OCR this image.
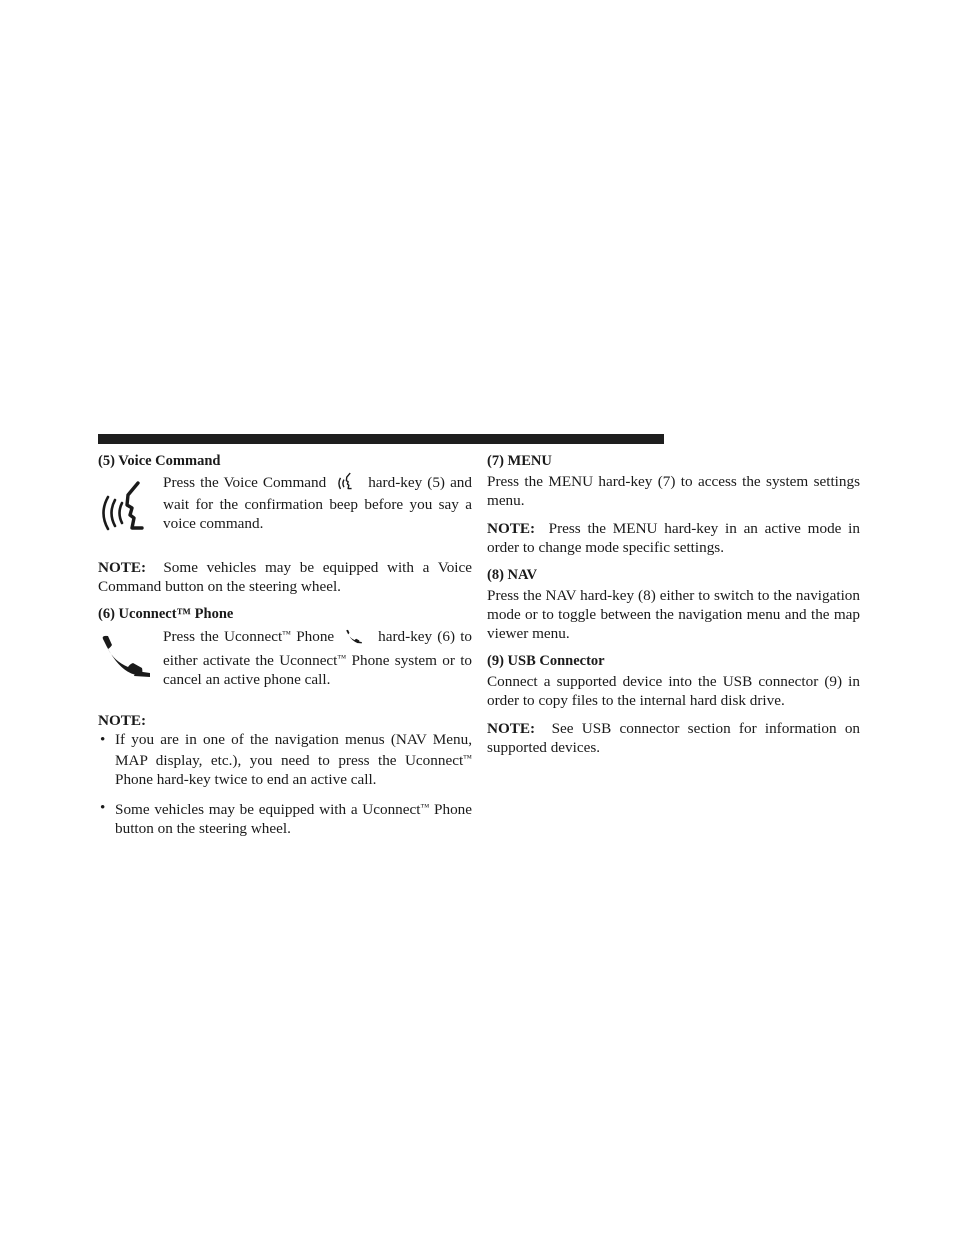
(5) Voice Command

Press the Voice Command	hard-key (5) and wait for the confirmation beep before you say a voice command.

NOTE: Some vehicles may be equipped with a Voice Command button on the steering wheel.

(6) Uconnect™ Phone

Press the Uconnect™ Phone	hard-key (6) to either activate the Uconnect™ Phone system or to cancel an active phone call.

NOTE:
• If you are in one of the navigation menus (NAV Menu, MAP display, etc.), you need to press the Uconnect™ Phone hard-key twice to end an active call.
• Some vehicles may be equipped with a Uconnect™ Phone button on the steering wheel.
(7) MENU

Press the MENU hard-key (7) to access the system settings menu.

NOTE: Press the MENU hard-key in an active mode in order to change mode specific settings.

(8) NAV

Press the NAV hard-key (8) either to switch to the navigation mode or to toggle between the navigation menu and the map viewer menu.

(9) USB Connector

Connect a supported device into the USB connector (9) in order to copy files to the internal hard disk drive.

NOTE: See USB connector section for information on supported devices.
